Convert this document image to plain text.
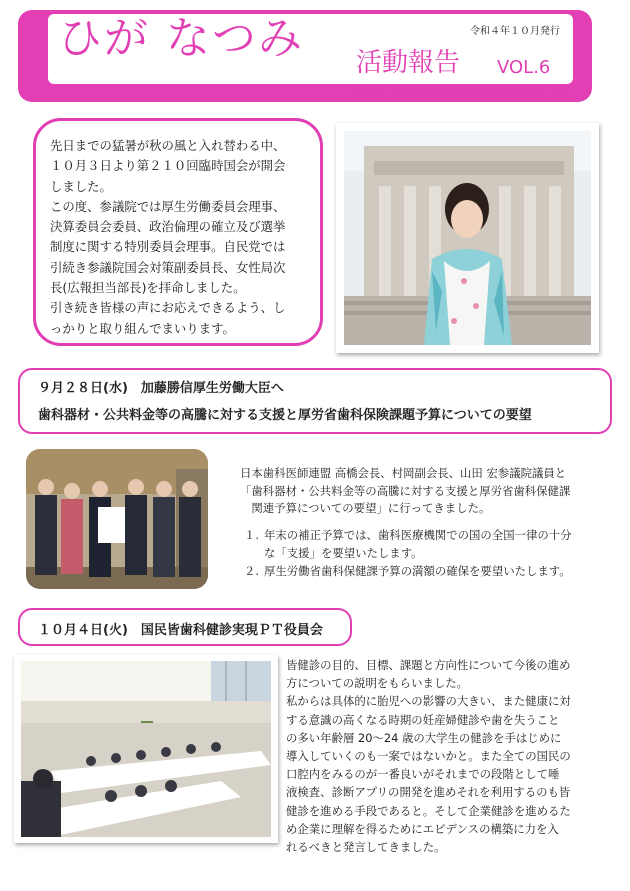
ひが なつみ	令和４年１０月発行
活動報告 VOL.6
発行元：自由民主党沖縄県参議院比例区第四十一支部
先日までの猛暑が秋の風と入れ替わる中、
１０月３日より第２１０回臨時国会が開会
しました。
この度、参議院では厚生労働委員会理事、
決算委員会委員、政治倫理の確立及び選挙
制度に関する特別委員会理事。自民党では
引続き参議院国会対策副委員長、女性局次
長(広報担当部長)を拝命しました。
引き続き皆様の声にお応えできるよう、し
っかりと取り組んでまいります。
９月２８日(水)　加藤勝信厚生労働大臣へ
歯科器材・公共料金等の高騰に対する支援と厚労省歯科保険課題予算についての要望
日本歯科医師連盟 高橋会長、村岡副会長、山田 宏参議院議員と
「歯科器材・公共料金等の高騰に対する支援と厚労省歯科保健課
　関連予算についての要望」に行ってきました。
１. 年末の補正予算では、歯科医療機関での国の全国一律の十分
な「支援」を要望いたします。
２. 厚生労働省歯科保健課予算の満額の確保を要望いたします。
１０月４日(火)　国民皆歯科健診実現ＰＴ役員会
皆健診の目的、目標、課題と方向性について今後の進め
方についての説明をもらいました。
私からは具体的に胎児への影響の大きい、また健康に対
する意識の高くなる時期の妊産婦健診や歯を失うこと
の多い年齢層 20～24 歳の大学生の健診を手はじめに
導入していくのも一案ではないかと。また全ての国民の
口腔内をみるのが一番良いがそれまでの段階として唾
液検査、診断アプリの開発を進めそれを利用するのも皆
健診を進める手段であると。そして企業健診を進めるた
め企業に理解を得るためにエビデンスの構築に力を入
れるべきと発言してきました。
